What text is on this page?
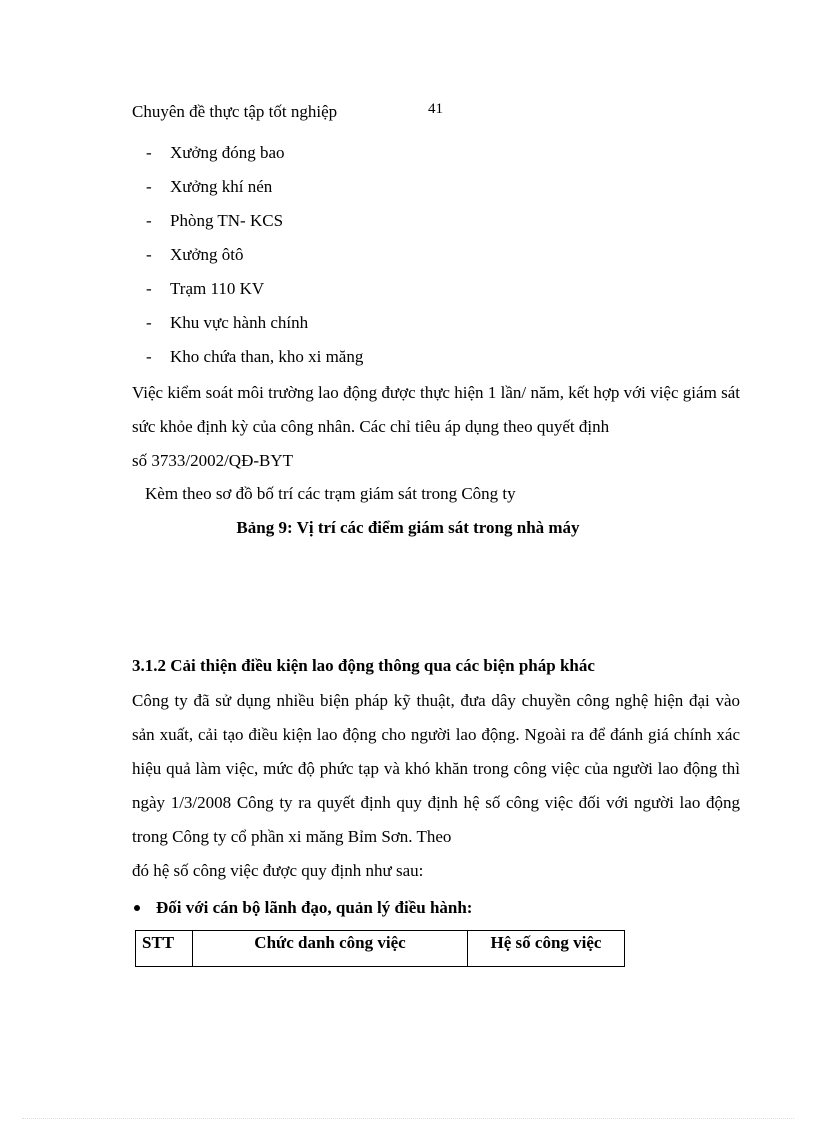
Chuyên đề thực tập tốt nghiệp	41
-	Xưởng đóng bao
-	Xưởng khí nén
-	Phòng TN- KCS
-	Xưởng ôtô
-	Trạm 110 KV
-	Khu vực hành chính
-	Kho chứa than, kho xi măng

Việc kiểm soát môi trường lao động được thực hiện 1 lần/ năm, kết hợp với việc giám sát sức khỏe định kỳ của công nhân. Các chỉ tiêu áp dụng theo quyết định
số 3733/2002/QĐ-BYT

Kèm theo sơ đồ bố trí các trạm giám sát trong Công ty
Bảng 9: Vị trí các điểm giám sát trong nhà máy
3.1.2 Cải thiện điều kiện lao động thông qua các biện pháp khác

Công ty đã sử dụng nhiều biện pháp kỹ thuật, đưa dây chuyền công nghệ hiện đại vào sản xuất, cải tạo điều kiện lao động cho người lao động. Ngoài ra để đánh giá chính xác hiệu quả làm việc, mức độ phức tạp và khó khăn trong công việc của người lao động thì ngày 1/3/2008 Công ty ra quyết định quy định hệ số công việc đối với người lao động trong Công ty cổ phần xi măng Bỉm Sơn. Theo
đó hệ số công việc được quy định như sau:

Đối với cán bộ lãnh đạo, quản lý điều hành:
STT	Chức danh công việc	Hệ số công việc
